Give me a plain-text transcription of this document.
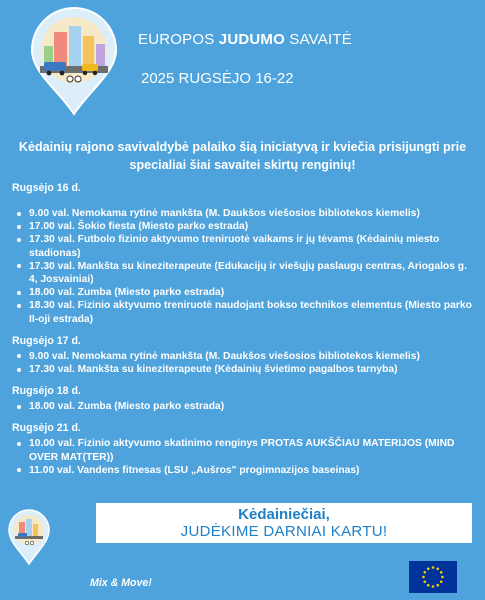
EUROPOS JUDUMO SAVAITĖ
2025 RUGSĖJO 16-22
Kėdainių rajono savivaldybė palaiko šią iniciatyvą ir kviečia prisijungti prie specialiai šiai savaitei skirtų renginių!
Rugsėjo 16 d.
9.00 val. Nemokama rytinė mankšta (M. Daukšos viešosios bibliotekos kiemelis)
17.00 val. Šokio fiesta (Miesto parko estrada)
17.30 val. Futbolo fizinio aktyvumo treniruotė vaikams ir jų tėvams (Kėdainių miesto stadionas)
17.30 val. Mankšta su kineziterapeute (Edukacijų ir viešųjų paslaugų centras, Ariogalos g. 4, Josvainiai)
18.00 val. Zumba (Miesto parko estrada)
18.30 val. Fizinio aktyvumo treniruotė naudojant bokso technikos elementus (Miesto parko II-oji estrada)
Rugsėjo 17 d.
9.00 val. Nemokama rytinė mankšta (M. Daukšos viešosios bibliotekos kiemelis)
17.30 val. Mankšta su kineziterapeute (Kėdainių švietimo pagalbos tarnyba)
Rugsėjo 18 d.
18.00 val. Zumba (Miesto parko estrada)
Rugsėjo 21 d.
10.00 val. Fizinio aktyvumo skatinimo renginys PROTAS AUKŠČIAU MATERIJOS (MIND OVER MAT(TER))
11.00 val. Vandens fitnesas (LSU „Aušros" progimnazijos baseinas)
Kėdainiečiai,
JUDĖKIME DARNIAI KARTU!
Mix & Move!
